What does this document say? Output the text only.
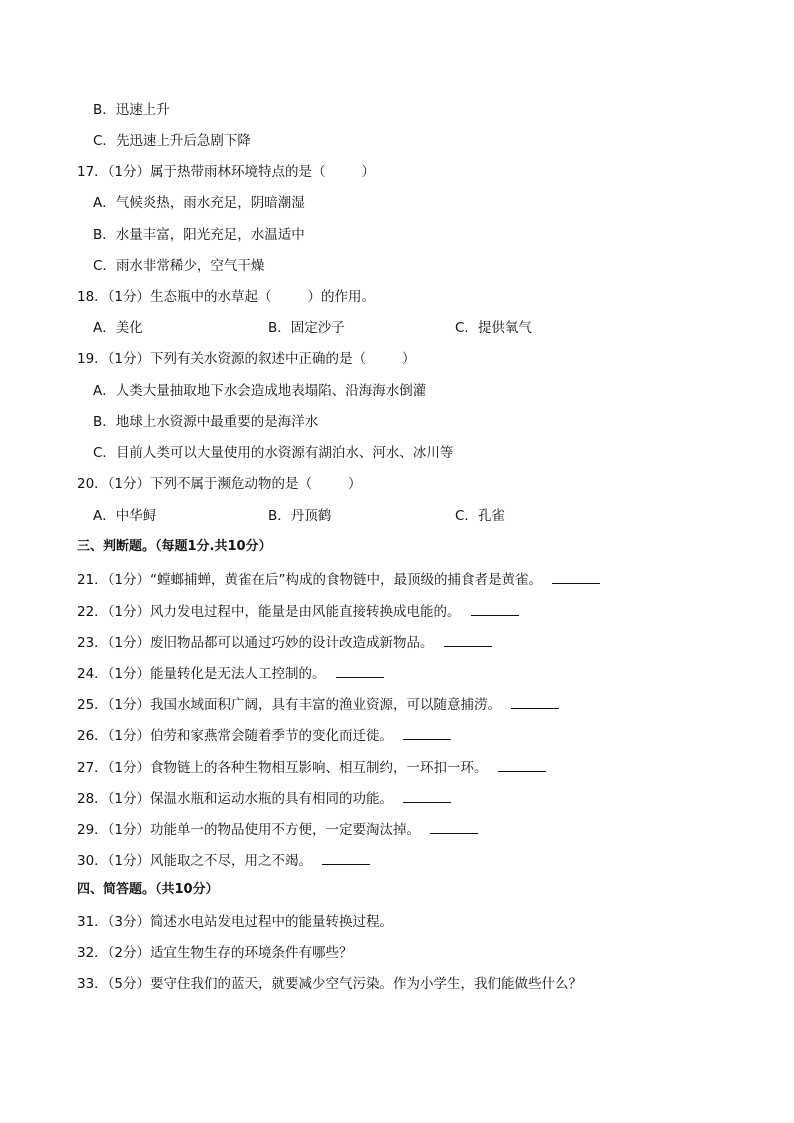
B．迅速上升
C．先迅速上升后急剧下降
17．（1分）属于热带雨林环境特点的是（	）
A．气候炎热，雨水充足，阴暗潮湿
B．水量丰富，阳光充足，水温适中
C．雨水非常稀少，空气干燥
18．（1分）生态瓶中的水草起（	）的作用。
A．美化	B．固定沙子	C．提供氧气
19．（1分）下列有关水资源的叙述中正确的是（	）
A．人类大量抽取地下水会造成地表塌陷、沿海海水倒灌
B．地球上水资源中最重要的是海洋水
C．目前人类可以大量使用的水资源有湖泊水、河水、冰川等
20．（1分）下列不属于濒危动物的是（	）
A．中华鲟	B．丹顶鹤	C．孔雀
三、判断题。（每题1分.共10分）
21．（1分）“螳螂捕蝉，黄雀在后”构成的食物链中，最顶级的捕食者是黄雀。
22．（1分）风力发电过程中，能量是由风能直接转换成电能的。
23．（1分）废旧物品都可以通过巧妙的设计改造成新物品。
24．（1分）能量转化是无法人工控制的。
25．（1分）我国水域面积广阔，具有丰富的渔业资源，可以随意捕涝。
26．（1分）伯劳和家燕常会随着季节的变化而迁徙。
27．（1分）食物链上的各种生物相互影响、相互制约，一环扣一环。
28．（1分）保温水瓶和运动水瓶的具有相同的功能。
29．（1分）功能单一的物品使用不方便，一定要淘汰掉。
30．（1分）风能取之不尽，用之不竭。
四、简答题。（共10分）
31．（3分）简述水电站发电过程中的能量转换过程。
32．（2分）适宜生物生存的环境条件有哪些？
33．（5分）要守住我们的蓝天，就要减少空气污染。作为小学生，我们能做些什么？
